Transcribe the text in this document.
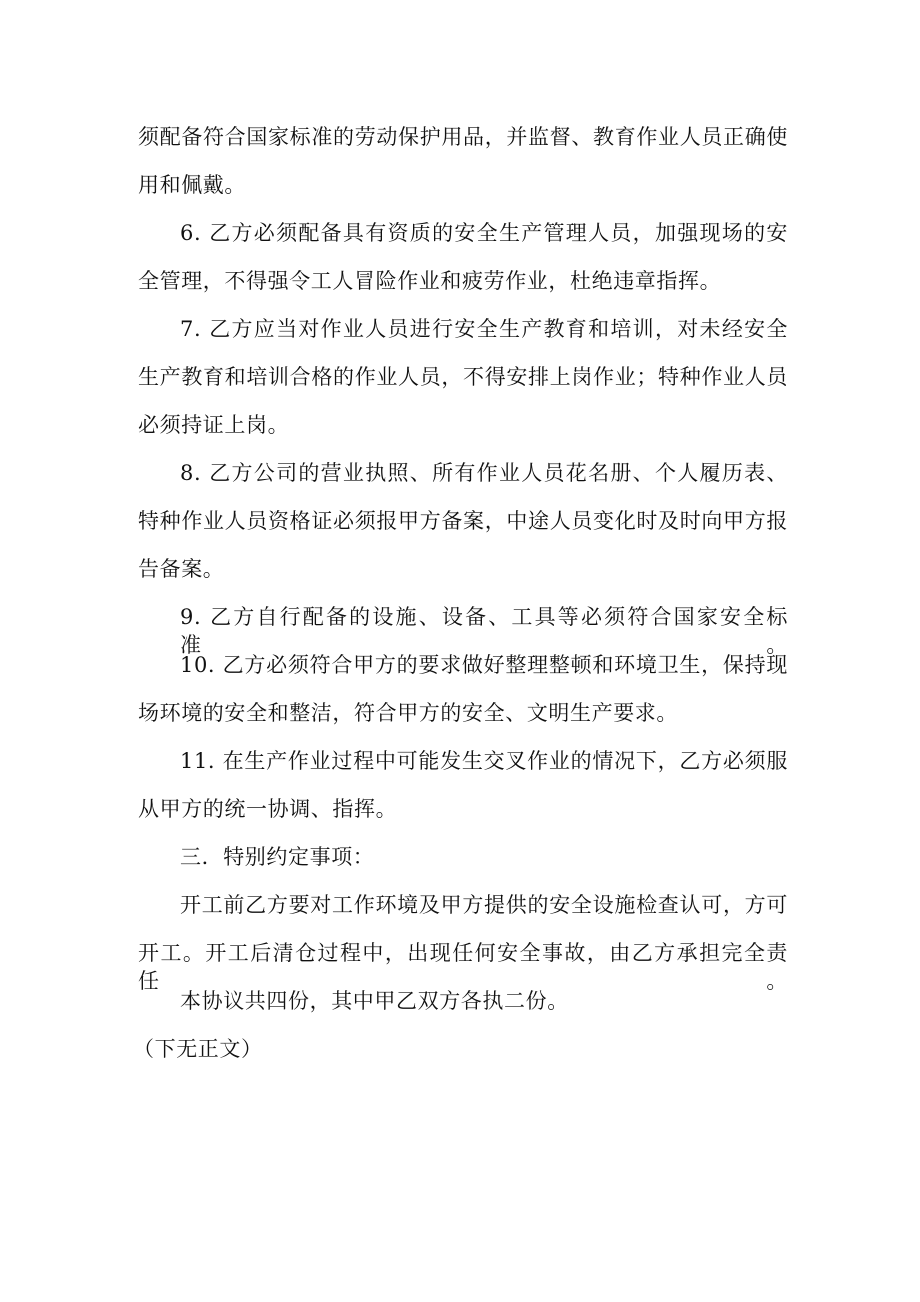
须配备符合国家标准的劳动保护用品，并监督、教育作业人员正确使
用和佩戴。
6. 乙方必须配备具有资质的安全生产管理人员，加强现场的安
全管理，不得强令工人冒险作业和疲劳作业，杜绝违章指挥。
7. 乙方应当对作业人员进行安全生产教育和培训，对未经安全
生产教育和培训合格的作业人员，不得安排上岗作业；特种作业人员
必须持证上岗。
8. 乙方公司的营业执照、所有作业人员花名册、个人履历表、
特种作业人员资格证必须报甲方备案，中途人员变化时及时向甲方报
告备案。
9. 乙方自行配备的设施、设备、工具等必须符合国家安全标准。
10. 乙方必须符合甲方的要求做好整理整顿和环境卫生，保持现
场环境的安全和整洁，符合甲方的安全、文明生产要求。
11. 在生产作业过程中可能发生交叉作业的情况下，乙方必须服
从甲方的统一协调、指挥。
三．特别约定事项：
开工前乙方要对工作环境及甲方提供的安全设施检查认可，方可
开工。开工后清仓过程中，出现任何安全事故，由乙方承担完全责任。
本协议共四份，其中甲乙双方各执二份。
（下无正文）
